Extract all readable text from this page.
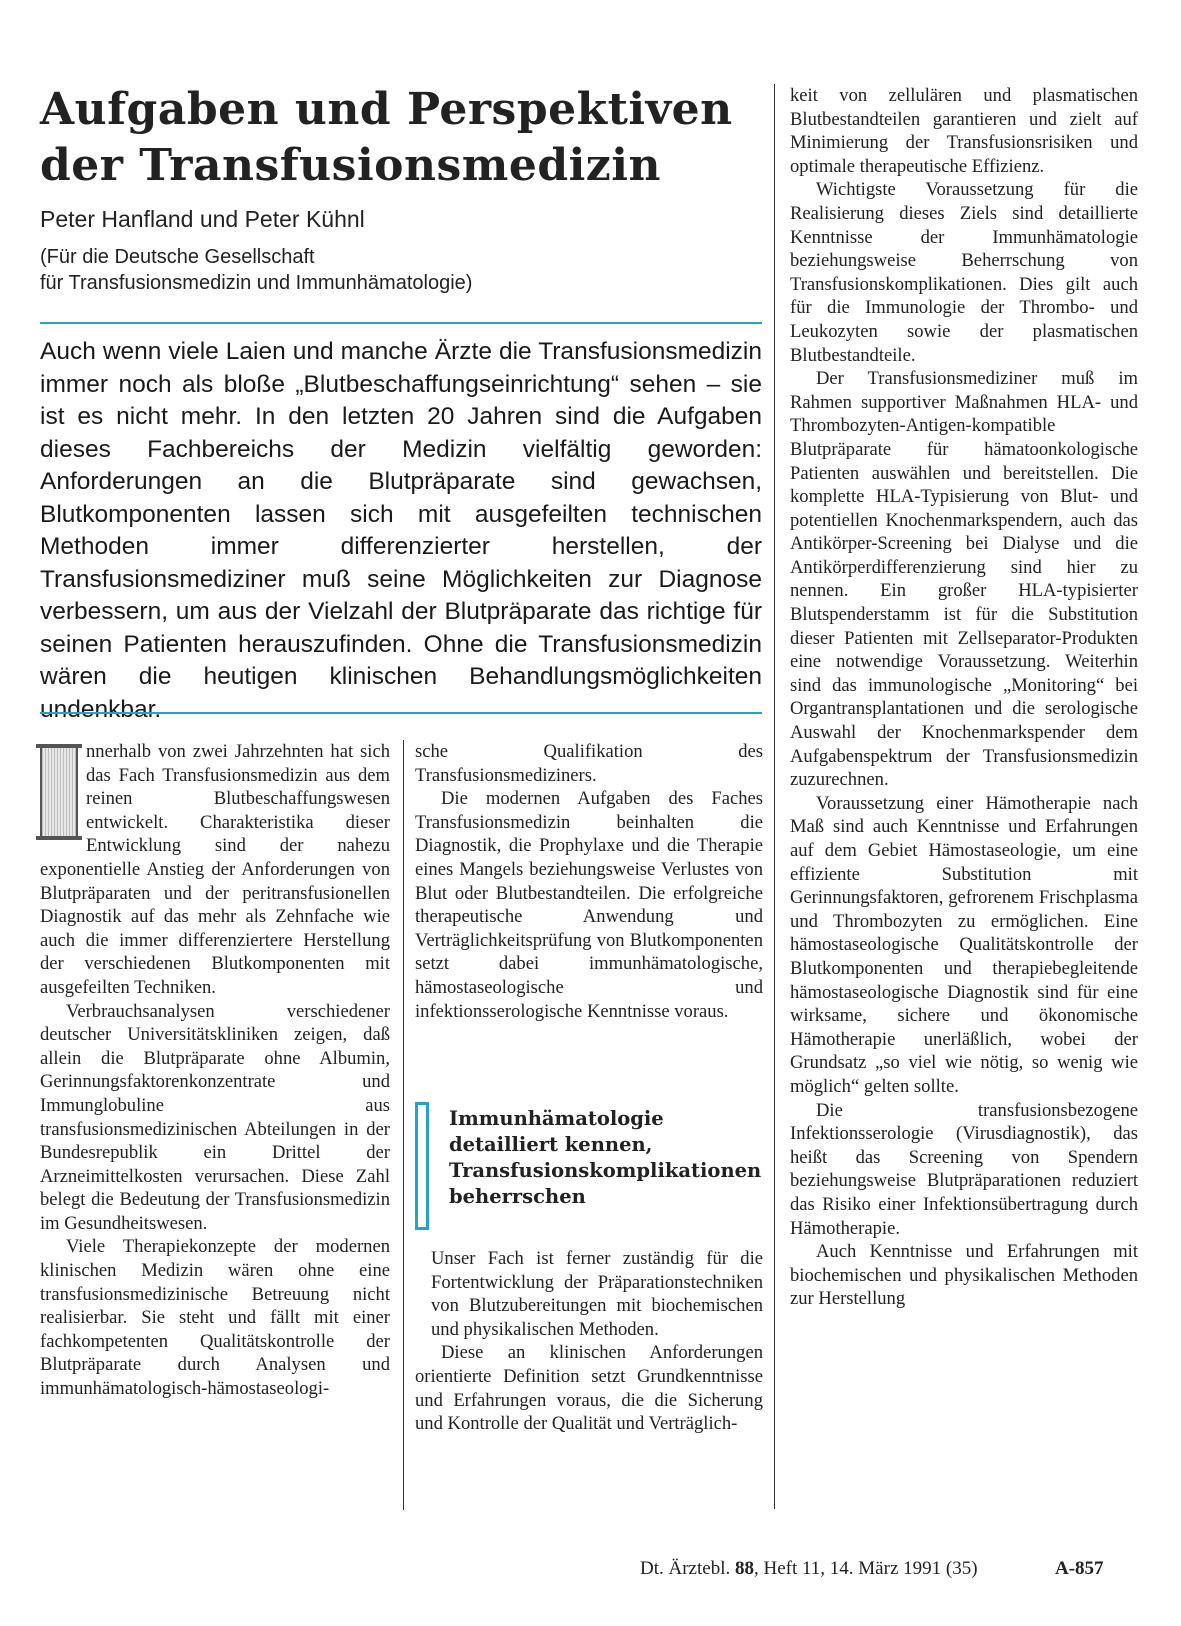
Aufgaben und Perspektiven der Transfusionsmedizin
Peter Hanfland und Peter Kühnl
(Für die Deutsche Gesellschaft
für Transfusionsmedizin und Immunhämatologie)
Auch wenn viele Laien und manche Ärzte die Transfusionsmedizin immer noch als bloße „Blutbeschaffungseinrichtung“ sehen – sie ist es nicht mehr. In den letzten 20 Jahren sind die Aufgaben dieses Fachbereichs der Medizin vielfältig geworden: Anforderungen an die Blutpräparate sind gewachsen, Blutkomponenten lassen sich mit ausgefeilten technischen Methoden immer differenzierter herstellen, der Transfusionsmediziner muß seine Möglichkeiten zur Diagnose verbessern, um aus der Vielzahl der Blutpräparate das richtige für seinen Patienten herauszufinden. Ohne die Transfusionsmedizin wären die heutigen klinischen Behandlungsmöglichkeiten undenkbar.

nnerhalb von zwei Jahrzehnten hat sich das Fach Transfusionsmedizin aus dem reinen Blutbeschaffungswesen entwickelt. Charakteristika dieser Entwicklung sind der nahezu exponentielle Anstieg der Anforderungen von Blutpräparaten und der peritransfusionellen Diagnostik auf das mehr als Zehnfache wie auch die immer differenziertere Herstellung der verschiedenen Blutkomponenten mit ausgefeilten Techniken.

Verbrauchsanalysen verschiedener deutscher Universitätskliniken zeigen, daß allein die Blutpräparate ohne Albumin, Gerinnungsfaktorenkonzentrate und Immunglobuline aus transfusionsmedizinischen Abteilungen in der Bundesrepublik ein Drittel der Arzneimittelkosten verursachen. Diese Zahl belegt die Bedeutung der Transfusionsmedizin im Gesundheitswesen.

Viele Therapiekonzepte der modernen klinischen Medizin wären ohne eine transfusionsmedizinische Betreuung nicht realisierbar. Sie steht und fällt mit einer fachkompetenten Qualitätskontrolle der Blutpräparate durch Analysen und immunhämatologisch-hämostaseologi-

sche Qualifikation des Transfusionsmediziners.

Die modernen Aufgaben des Faches Transfusionsmedizin beinhalten die Diagnostik, die Prophylaxe und die Therapie eines Mangels beziehungsweise Verlustes von Blut oder Blutbestandteilen. Die erfolgreiche therapeutische Anwendung und Verträglichkeitsprüfung von Blutkomponenten setzt dabei immunhämatologische, hämostaseologische und infektionsserologische Kenntnisse voraus.

Immunhämatologie detailliert kennen, Transfusionskomplikationen beherrschen

Unser Fach ist ferner zuständig für die Fortentwicklung der Präparationstechniken von Blutzubereitungen mit biochemischen und physikalischen Methoden.

Diese an klinischen Anforderungen orientierte Definition setzt Grundkenntnisse und Erfahrungen voraus, die die Sicherung und Kontrolle der Qualität und Verträglich-

keit von zellulären und plasmatischen Blutbestandteilen garantieren und zielt auf Minimierung der Transfusionsrisiken und optimale therapeutische Effizienz.

Wichtigste Voraussetzung für die Realisierung dieses Ziels sind detaillierte Kenntnisse der Immunhämatologie beziehungsweise Beherrschung von Transfusionskomplikationen. Dies gilt auch für die Immunologie der Thrombo- und Leukozyten sowie der plasmatischen Blutbestandteile.

Der Transfusionsmediziner muß im Rahmen supportiver Maßnahmen HLA- und Thrombozyten-Antigen-kompatible Blutpräparate für hämatoonkologische Patienten auswählen und bereitstellen. Die komplette HLA-Typisierung von Blut- und potentiellen Knochenmarkspendern, auch das Antikörper-Screening bei Dialyse und die Antikörperdifferenzierung sind hier zu nennen. Ein großer HLA-typisierter Blutspenderstamm ist für die Substitution dieser Patienten mit Zellseparator-Produkten eine notwendige Voraussetzung. Weiterhin sind das immunologische „Monitoring“ bei Organtransplantationen und die serologische Auswahl der Knochenmarkspender dem Aufgabenspektrum der Transfusionsmedizin zuzurechnen.

Voraussetzung einer Hämotherapie nach Maß sind auch Kenntnisse und Erfahrungen auf dem Gebiet Hämostaseologie, um eine effiziente Substitution mit Gerinnungsfaktoren, gefrorenem Frischplasma und Thrombozyten zu ermöglichen. Eine hämostaseologische Qualitätskontrolle der Blutkomponenten und therapiebegleitende hämostaseologische Diagnostik sind für eine wirksame, sichere und ökonomische Hämotherapie unerläßlich, wobei der Grundsatz „so viel wie nötig, so wenig wie möglich“ gelten sollte.

Die transfusionsbezogene Infektionsserologie (Virusdiagnostik), das heißt das Screening von Spendern beziehungsweise Blutpräparationen reduziert das Risiko einer Infektionsübertragung durch Hämotherapie.

Auch Kenntnisse und Erfahrungen mit biochemischen und physikalischen Methoden zur Herstellung

Dt. Ärztebl. 88, Heft 11, 14. März 1991 (35)	A-857
